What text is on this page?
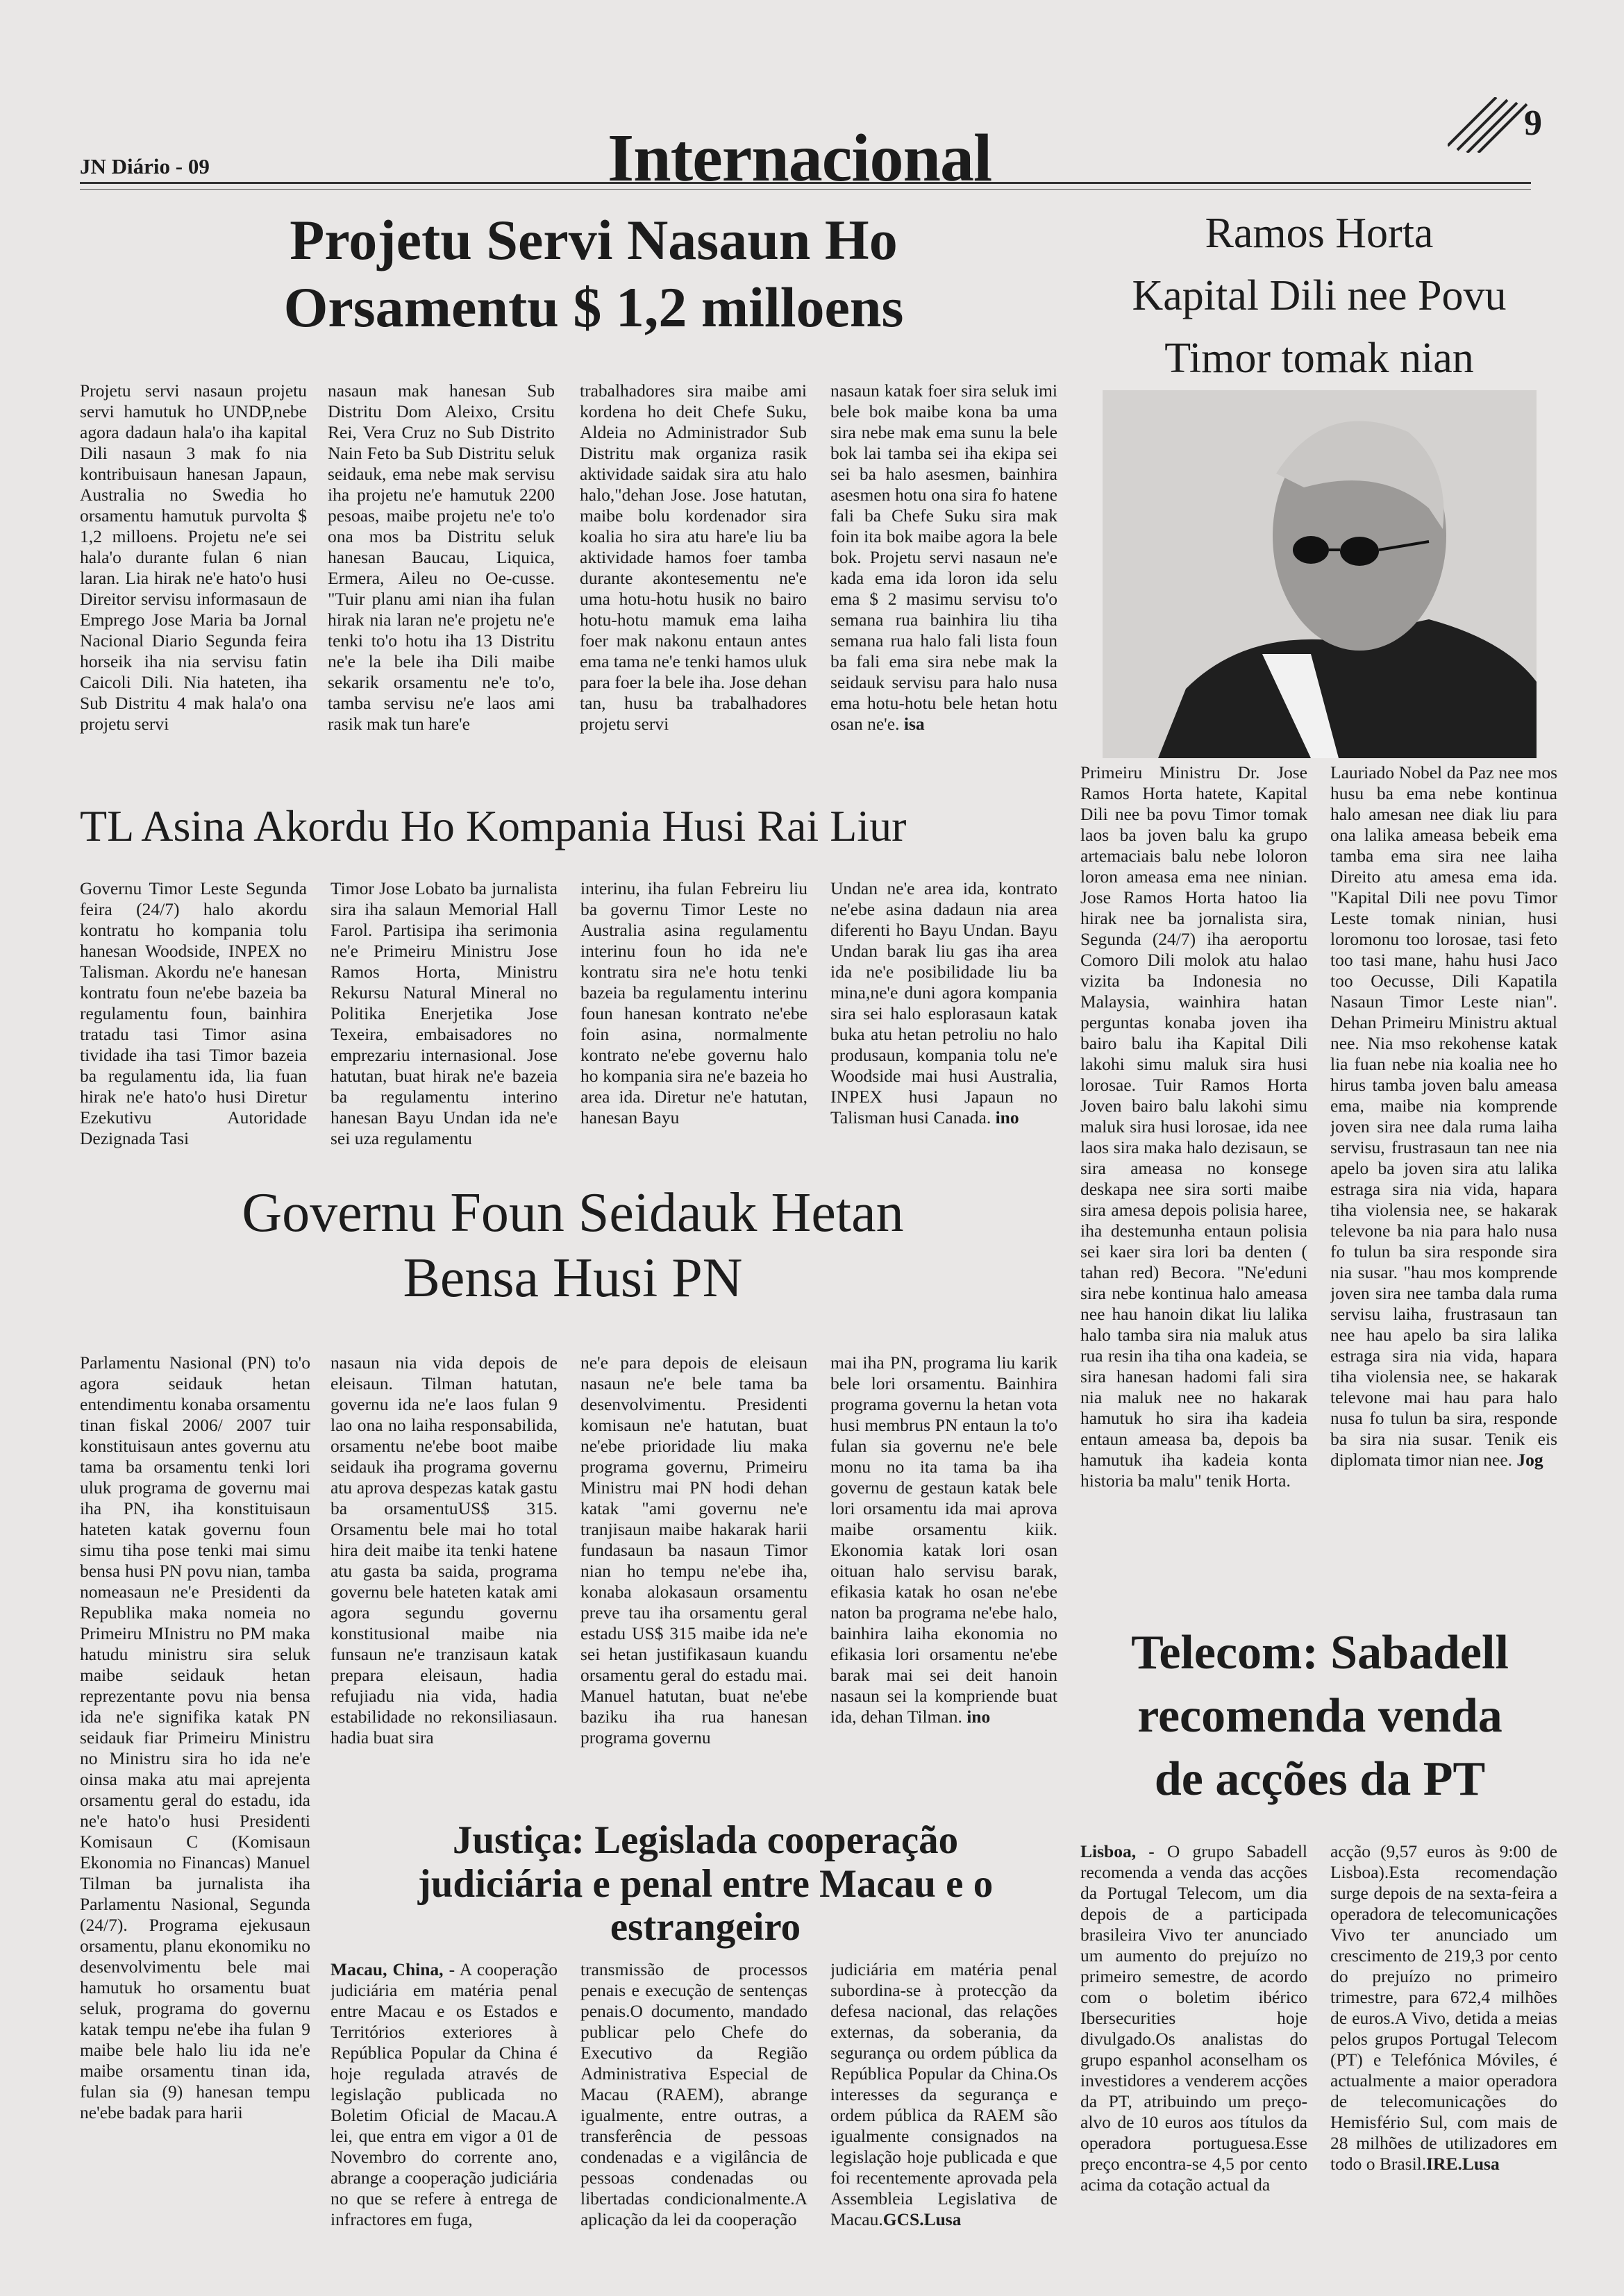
JN Diário - 09	Internacional	9
Projetu Servi Nasaun Ho
Orsamentu $ 1,2 milloens

Projetu servi nasaun projetu servi hamutuk ho UNDP,nebe agora dadaun hala'o iha kapital Dili nasaun 3 mak fo nia kontribuisaun hanesan Japaun, Australia no Swedia ho orsamentu hamutuk purvolta $ 1,2 milloens. Projetu ne'e sei hala'o durante fulan 6 nian laran. Lia hirak ne'e hato'o husi Direitor servisu informasaun de Emprego Jose Maria ba Jornal Nacional Diario Segunda feira horseik iha nia servisu fatin Caicoli Dili. Nia hateten, iha Sub Distritu 4 mak hala'o ona projetu servi

nasaun mak hanesan Sub Distritu Dom Aleixo, Crsitu Rei, Vera Cruz no Sub Distrito Nain Feto ba Sub Distritu seluk seidauk, ema nebe mak servisu iha projetu ne'e hamutuk 2200 pesoas, maibe projetu ne'e to'o ona mos ba Distritu seluk hanesan Baucau, Liquica, Ermera, Aileu no Oe-cusse. "Tuir planu ami nian iha fulan hirak nia laran ne'e projetu ne'e tenki to'o hotu iha 13 Distritu ne'e la bele iha Dili maibe sekarik orsamentu ne'e to'o, tamba servisu ne'e laos ami rasik mak tun hare'e

trabalhadores sira maibe ami kordena ho deit Chefe Suku, Aldeia no Administrador Sub Distritu mak organiza rasik aktividade saidak sira atu halo halo,"dehan Jose. Jose hatutan, maibe bolu kordenador sira koalia ho sira atu hare'e liu ba aktividade hamos foer tamba durante akontesementu ne'e uma hotu-hotu husik no bairo hotu-hotu mamuk ema laiha foer mak nakonu entaun antes ema tama ne'e tenki hamos uluk para foer la bele iha. Jose dehan tan, husu ba trabalhadores projetu servi

nasaun katak foer sira seluk imi bele bok maibe kona ba uma sira nebe mak ema sunu la bele bok lai tamba sei iha ekipa sei sei ba halo asesmen, bainhira asesmen hotu ona sira fo hatene fali ba Chefe Suku sira mak foin ita bok maibe agora la bele bok. Projetu servi nasaun ne'e kada ema ida loron ida selu ema $ 2 masimu servisu to'o semana rua bainhira liu tiha semana rua halo fali lista foun ba fali ema sira nebe mak la seidauk servisu para halo nusa ema hotu-hotu bele hetan hotu osan ne'e. isa

TL Asina Akordu Ho Kompania Husi Rai Liur

Governu Timor Leste Segunda feira (24/7) halo akordu kontratu ho kompania tolu hanesan Woodside, INPEX no Talisman. Akordu ne'e hanesan kontratu foun ne'ebe bazeia ba regulamentu foun, bainhira tratadu tasi Timor asina tividade iha tasi Timor bazeia ba regulamentu ida, lia fuan hirak ne'e hato'o husi Diretur Ezekutivu Autoridade Dezignada Tasi

Timor Jose Lobato ba jurnalista sira iha salaun Memorial Hall Farol. Partisipa iha serimonia ne'e Primeiru Ministru Jose Ramos Horta, Ministru Rekursu Natural Mineral no Politika Enerjetika Jose Texeira, embaisadores no emprezariu internasional. Jose hatutan, buat hirak ne'e bazeia ba regulamentu interino hanesan Bayu Undan ida ne'e sei uza regulamentu

interinu, iha fulan Febreiru liu ba governu Timor Leste no Australia asina regulamentu interinu foun ho ida ne'e kontratu sira ne'e hotu tenki bazeia ba regulamentu interinu foun hanesan kontrato ne'ebe foin asina, normalmente kontrato ne'ebe governu halo ho kompania sira ne'e bazeia ho area ida. Diretur ne'e hatutan, hanesan Bayu

Undan ne'e area ida, kontrato ne'ebe asina dadaun nia area diferenti ho Bayu Undan. Bayu Undan barak liu gas iha area ida ne'e posibilidade liu ba mina,ne'e duni agora kompania sira sei halo esplorasaun katak buka atu hetan petroliu no halo produsaun, kompania tolu ne'e Woodside mai husi Australia, INPEX husi Japaun no Talisman husi Canada. ino

Governu Foun Seidauk Hetan
Bensa Husi PN

Parlamentu Nasional (PN) to'o agora seidauk hetan entendimentu konaba orsamentu tinan fiskal 2006/ 2007 tuir konstituisaun antes governu atu tama ba orsamentu tenki lori uluk programa de governu mai iha PN, iha konstituisaun hateten katak governu foun simu tiha pose tenki mai simu bensa husi PN povu nian, tamba nomeasaun ne'e Presidenti da Republika maka nomeia no Primeiru MInistru no PM maka hatudu ministru sira seluk maibe seidauk hetan reprezentante povu nia bensa ida ne'e signifika katak PN seidauk fiar Primeiru Ministru no Ministru sira ho ida ne'e oinsa maka atu mai aprejenta orsamentu geral do estadu, ida ne'e hato'o husi Presidenti Komisaun C (Komisaun Ekonomia no Financas) Manuel Tilman ba jurnalista iha Parlamentu Nasional, Segunda (24/7). Programa ejekusaun orsamentu, planu ekonomiku no desenvolvimentu bele mai hamutuk ho orsamentu buat seluk, programa do governu katak tempu ne'ebe iha fulan 9 maibe bele halo liu ida ne'e maibe orsamentu tinan ida, fulan sia (9) hanesan tempu ne'ebe badak para harii

nasaun nia vida depois de eleisaun. Tilman hatutan, governu ida ne'e laos fulan 9 lao ona no laiha responsabilida, orsamentu ne'ebe boot maibe seidauk iha programa governu atu aprova despezas katak gastu ba orsamentuUS$ 315. Orsamentu bele mai ho total hira deit maibe ita tenki hatene atu gasta ba saida, programa governu bele hateten katak ami agora segundu governu konstitusional maibe nia funsaun ne'e tranzisaun katak prepara eleisaun, hadia refujiadu nia vida, hadia estabilidade no rekonsiliasaun. hadia buat sira

ne'e para depois de eleisaun nasaun ne'e bele tama ba desenvolvimentu. Presidenti komisaun ne'e hatutan, buat ne'ebe prioridade liu maka programa governu, Primeiru Ministru mai PN hodi dehan katak "ami governu ne'e tranjisaun maibe hakarak harii fundasaun ba nasaun Timor nian ho tempu ne'ebe iha, konaba alokasaun orsamentu preve tau iha orsamentu geral estadu US$ 315 maibe ida ne'e sei hetan justifikasaun kuandu orsamentu geral do estadu mai. Manuel hatutan, buat ne'ebe baziku iha rua hanesan programa governu

mai iha PN, programa liu karik bele lori orsamentu. Bainhira programa governu la hetan vota husi membrus PN entaun la to'o fulan sia governu ne'e bele monu no ita tama ba iha governu de gestaun katak bele lori orsamentu ida mai aprova maibe orsamentu kiik. Ekonomia katak lori osan oituan halo servisu barak, efikasia katak ho osan ne'ebe naton ba programa ne'ebe halo, bainhira laiha ekonomia no efikasia lori orsamentu ne'ebe barak mai sei deit hanoin nasaun sei la kompriende buat ida, dehan Tilman. ino

Justiça: Legislada cooperação
judiciária e penal entre Macau e o
estrangeiro

Macau, China, - A cooperação judiciária em matéria penal entre Macau e os Estados e Territórios exteriores à República Popular da China é hoje regulada através de legislação publicada no Boletim Oficial de Macau.A lei, que entra em vigor a 01 de Novembro do corrente ano, abrange a cooperação judiciária no que se refere à entrega de infractores em fuga,

transmissão de processos penais e execução de sentenças penais.O documento, mandado publicar pelo Chefe do Executivo da Região Administrativa Especial de Macau (RAEM), abrange igualmente, entre outras, a transferência de pessoas condenadas e a vigilância de pessoas condenadas ou libertadas condicionalmente.A aplicação da lei da cooperação

judiciária em matéria penal subordina-se à protecção da defesa nacional, das relações externas, da soberania, da segurança ou ordem pública da República Popular da China.Os interesses da segurança e ordem pública da RAEM são igualmente consignados na legislação hoje publicada e que foi recentemente aprovada pela Assembleia Legislativa de Macau.GCS.Lusa

Ramos Horta
Kapital Dili nee Povu
Timor tomak nian

Primeiru Ministru Dr. Jose Ramos Horta hatete, Kapital Dili nee ba povu Timor tomak laos ba joven balu ka grupo artemaciais balu nebe loloron loron ameasa ema nee ninian. Jose Ramos Horta hatoo lia hirak nee ba jornalista sira, Segunda (24/7) iha aeroportu Comoro Dili molok atu halao vizita ba Indonesia no Malaysia, wainhira hatan perguntas konaba joven iha bairo balu iha Kapital Dili lakohi simu maluk sira husi lorosae. Tuir Ramos Horta Joven bairo balu lakohi simu maluk sira husi lorosae, ida nee laos sira maka halo dezisaun, se sira ameasa no konsege deskapa nee sira sorti maibe sira amesa depois polisia haree, iha destemunha entaun polisia sei kaer sira lori ba denten ( tahan red) Becora. "Ne'eduni sira nebe kontinua halo ameasa nee hau hanoin dikat liu lalika halo tamba sira nia maluk atus rua resin iha tiha ona kadeia, se sira hanesan hadomi fali sira nia maluk nee no hakarak hamutuk ho sira iha kadeia entaun ameasa ba, depois ba hamutuk iha kadeia konta historia ba malu" tenik Horta.

Lauriado Nobel da Paz nee mos husu ba ema nebe kontinua halo amesan nee diak liu para ona lalika ameasa bebeik ema tamba ema sira nee laiha Direito atu amesa ema ida. "Kapital Dili nee povu Timor Leste tomak ninian, husi loromonu too lorosae, tasi feto too tasi mane, hahu husi Jaco too Oecusse, Dili Kapatila Nasaun Timor Leste nian". Dehan Primeiru Ministru aktual nee. Nia mso rekohense katak lia fuan nebe nia koalia nee ho hirus tamba joven balu ameasa ema, maibe nia komprende joven sira nee dala ruma laiha servisu, frustrasaun tan nee nia apelo ba joven sira atu lalika estraga sira nia vida, hapara tiha violensia nee, se hakarak televone ba nia para halo nusa fo tulun ba sira responde sira nia susar. "hau mos komprende joven sira nee tamba dala ruma servisu laiha, frustrasaun tan nee hau apelo ba sira lalika estraga sira nia vida, hapara tiha violensia nee, se hakarak televone mai hau para halo nusa fo tulun ba sira, responde ba sira nia susar. Tenik eis diplomata timor nian nee. Jog

Telecom: Sabadell
recomenda venda
de acções da PT

Lisboa, - O grupo Sabadell recomenda a venda das acções da Portugal Telecom, um dia depois de a participada brasileira Vivo ter anunciado um aumento do prejuízo no primeiro semestre, de acordo com o boletim ibérico Ibersecurities hoje divulgado.Os analistas do grupo espanhol aconselham os investidores a venderem acções da PT, atribuindo um preço-alvo de 10 euros aos títulos da operadora portuguesa.Esse preço encontra-se 4,5 por cento acima da cotação actual da

acção (9,57 euros às 9:00 de Lisboa).Esta recomendação surge depois de na sexta-feira a operadora de telecomunicações Vivo ter anunciado um crescimento de 219,3 por cento do prejuízo no primeiro trimestre, para 672,4 milhões de euros.A Vivo, detida a meias pelos grupos Portugal Telecom (PT) e Telefónica Móviles, é actualmente a maior operadora de telecomunicações do Hemisfério Sul, com mais de 28 milhões de utilizadores em todo o Brasil.IRE.Lusa
